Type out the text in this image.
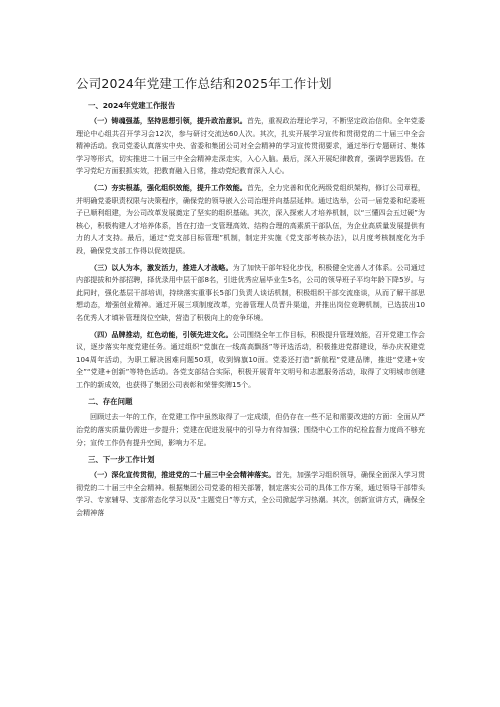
公司2024年党建工作总结和2025年工作计划
一、2024年党建工作报告

（一）铸魂强基，坚持思想引领，提升政治意识。首先，重视政治理论学习，不断坚定政治信仰。全年党委理论中心组共召开学习会12次，参与研讨交流达60人次。其次，扎实开展学习宣传和贯彻党的二十届三中全会精神活动。我司党委认真落实中央、省委和集团公司对全会精神的学习宣传贯彻要求，通过举行专题研讨、集体学习等形式，切实推进二十届三中全会精神走深走实，入心入脑。最后，深入开展纪律教育，强调学思践悟。在学习党纪方面狠抓实效，把教育融入日常，推动党纪教育深入人心。

（二）夯实根基，强化组织效能，提升工作效能。首先，全力完善和优化两级党组织架构，修订公司章程，并明确党委职责权限与决策程序，确保党的领导嵌入公司治理并向基层延伸。通过选举，公司一届党委和纪委班子已顺利组建，为公司改革发展奠定了坚实的组织基础。其次，深入探索人才培养机制，以“三懂四会五过硬”为核心，积极构建人才培养体系，旨在打造一支管理高效、结构合理的高素质干部队伍，为企业高质量发展提供有力的人才支持。最后，通过“党支部目标管理”机制，制定并实施《党支部考核办法》，以月度考核制度化为手段，确保党支部工作得以促效提质。

（三）以人为本，激发活力，推进人才战略。为了加快干部年轻化步伐，积极健全完善人才体系。公司通过内部提拔和外部招聘，择优录用中层干部8名，引进优秀应届毕业生5名，公司的领导班子平均年龄下降5岁。与此同时，强化基层干部培训，持续落实重事长5部门负责人谈话机制，积极组织干部交流座谈，从而了解干部思想动态，增强创业精神。通过开展三项制度改革，完善管理人员晋升渠道，并推出岗位竞聘机制，已选拔出10名优秀人才填补管理岗位空缺，营造了积极向上的竞争环境。

（四）品牌推动，红色动能，引领先进文化。公司围绕全年工作目标，积极提升管理效能，召开党建工作会议，逐步落实年度党建任务。通过组织“党旗在一线高高飘扬”等评选活动，积极推进党群建设，举办庆祝建党104周年活动，为职工解决困难问题50项，收到锦旗10面。党委还打造“新航程”党建品牌，推进“党建+安全”“党建+创新”等特色活动。各党支部结合实际，积极开展青年文明号和志愿服务活动，取得了文明城市创建工作的新成效，也获得了集团公司表彰和荣誉奖牌15个。

二、存在问题

回顾过去一年的工作，在党建工作中虽然取得了一定成绩，但仍存在一些不足和需要改进的方面：全面从严治党的落实质量仍需进一步提升；党建在促进发展中的引导力有待加强；围绕中心工作的纪检监督力度尚不够充分；宣传工作仍有提升空间，影响力不足。

三、下一步工作计划

（一）深化宣传贯彻，推进党的二十届三中全会精神落实。首先，加强学习组织领导，确保全面深入学习贯彻党的二十届三中全会精神。根据集团公司党委的相关部署，制定落实公司的具体工作方案，通过领导干部带头学习、专家辅导、支部常态化学习以及“主题党日”等方式，全公司掀起学习热潮。其次，创新宣讲方式，确保全会精神落
